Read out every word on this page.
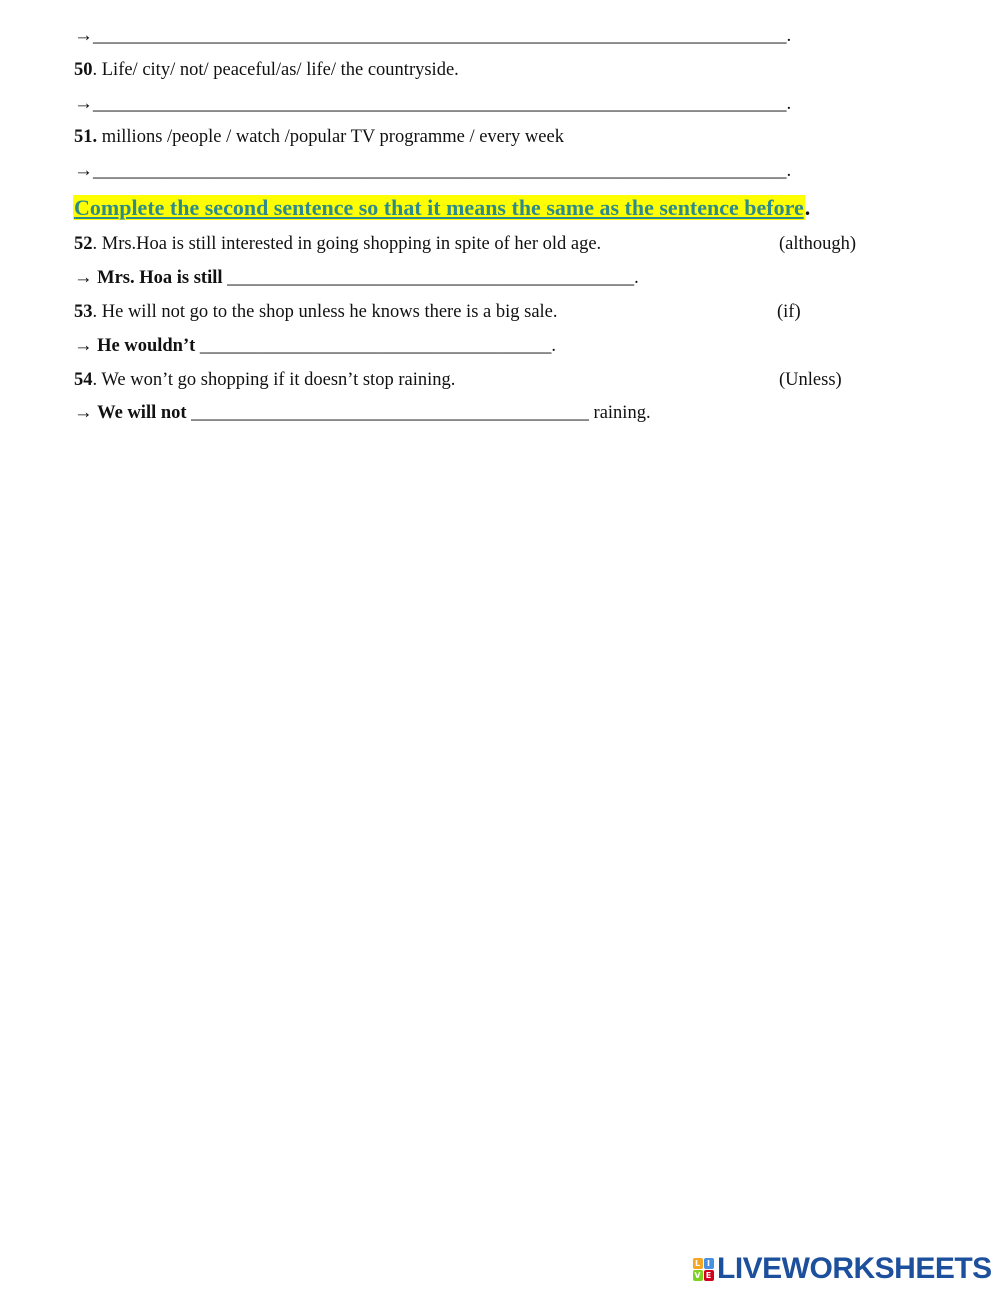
→_________________________________________________________________________.
50. Life/ city/ not/ peaceful/as/ life/ the countryside.
→_________________________________________________________________________.
51. millions /people / watch /popular TV programme / every week
→_________________________________________________________________________.
Complete the second sentence so that it means the same as the sentence before.
52. Mrs.Hoa is still interested in going shopping in spite of her old age.	(although)
→ Mrs. Hoa is still ____________________________________________.
53. He will not go to the shop unless he knows there is a big sale.	(if)
→ He wouldn’t ______________________________________.
54. We won’t go shopping if it doesn’t stop raining.	(Unless)
→ We will not ___________________________________________ raining.
L I
V E LIVEWORKSHEETS
